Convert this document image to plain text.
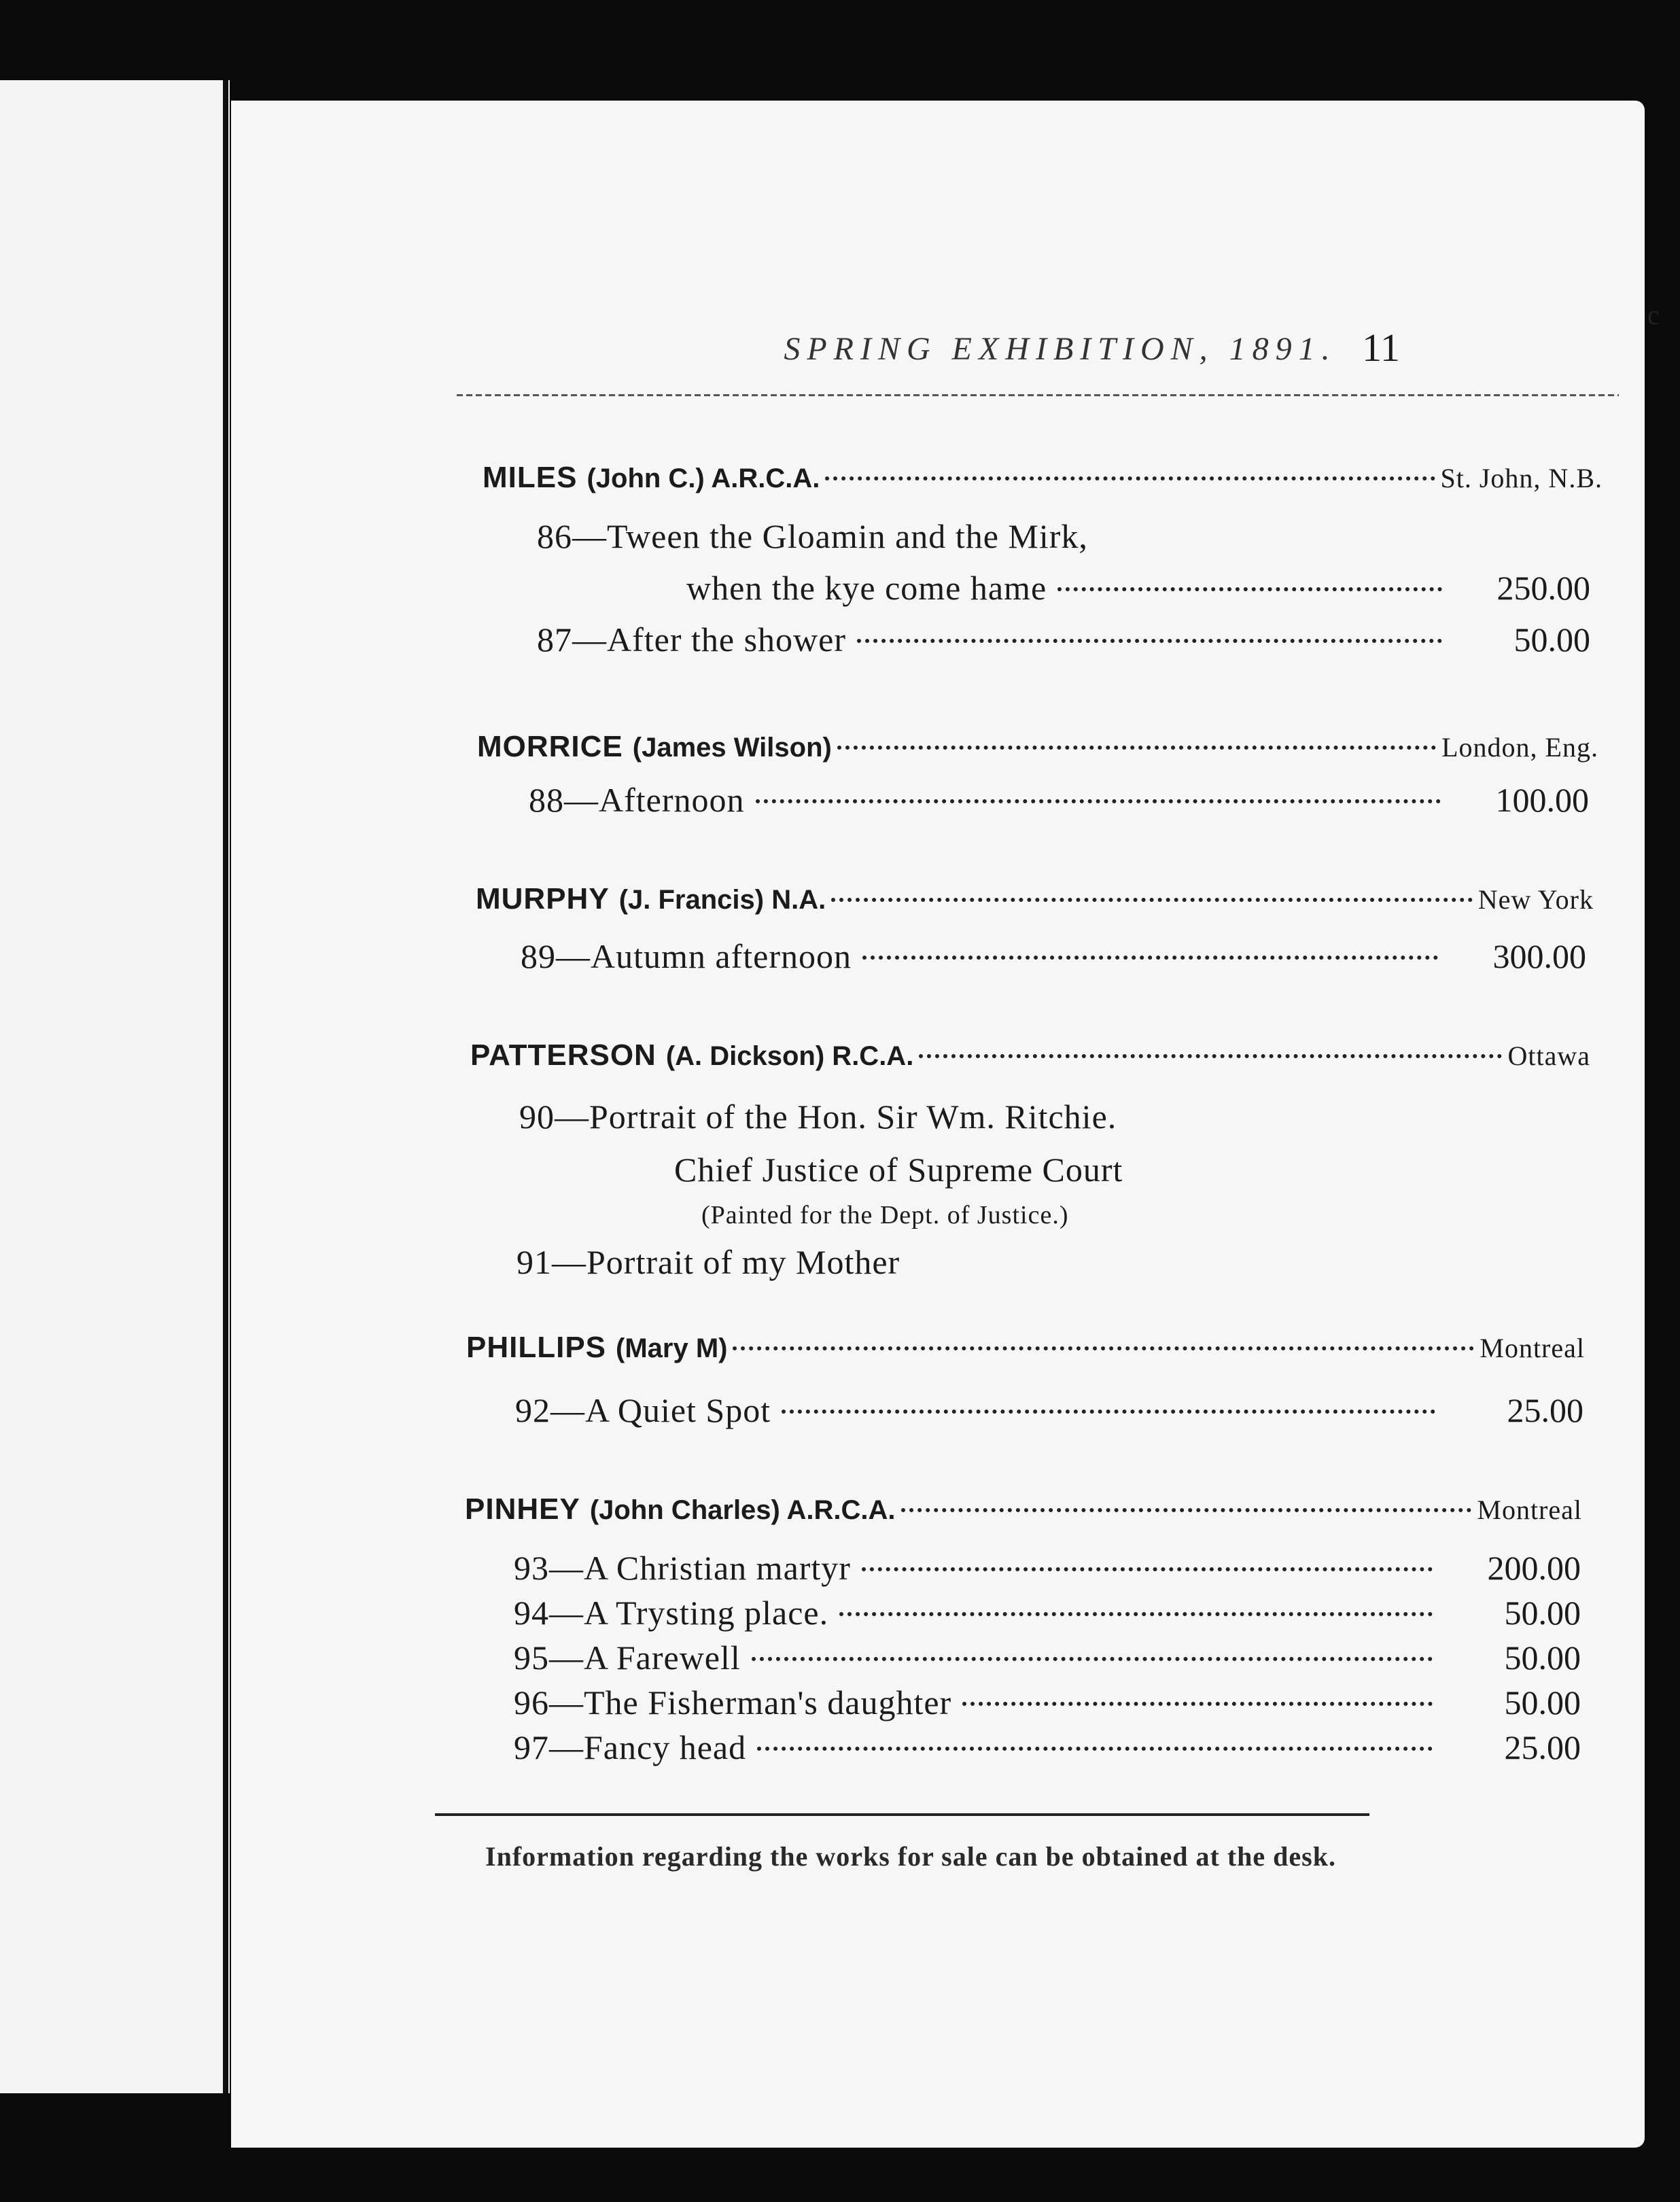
SPRING EXHIBITION, 1891. 11
MILES (John C.) A.R.C.A.	St. John, N.B.
86—Tween the Gloamin and the Mirk,
when the kye come hame	250.00
87—After the shower	50.00
MORRICE (James Wilson)	London, Eng.
88—Afternoon	100.00
MURPHY (J. Francis) N.A.	New York
89—Autumn afternoon	300.00
PATTERSON (A. Dickson) R.C.A.	Ottawa
90—Portrait of the Hon. Sir Wm. Ritchie.
Chief Justice of Supreme Court
(Painted for the Dept. of Justice.)
91—Portrait of my Mother
PHILLIPS (Mary M)	Montreal
92—A Quiet Spot	25.00
PINHEY (John Charles) A.R.C.A.	Montreal
93—A Christian martyr	200.00
94—A Trysting place.	50.00
95—A Farewell	50.00
96—The Fisherman's daughter	50.00
97—Fancy head	25.00
Information regarding the works for sale can be obtained at the desk.
c
